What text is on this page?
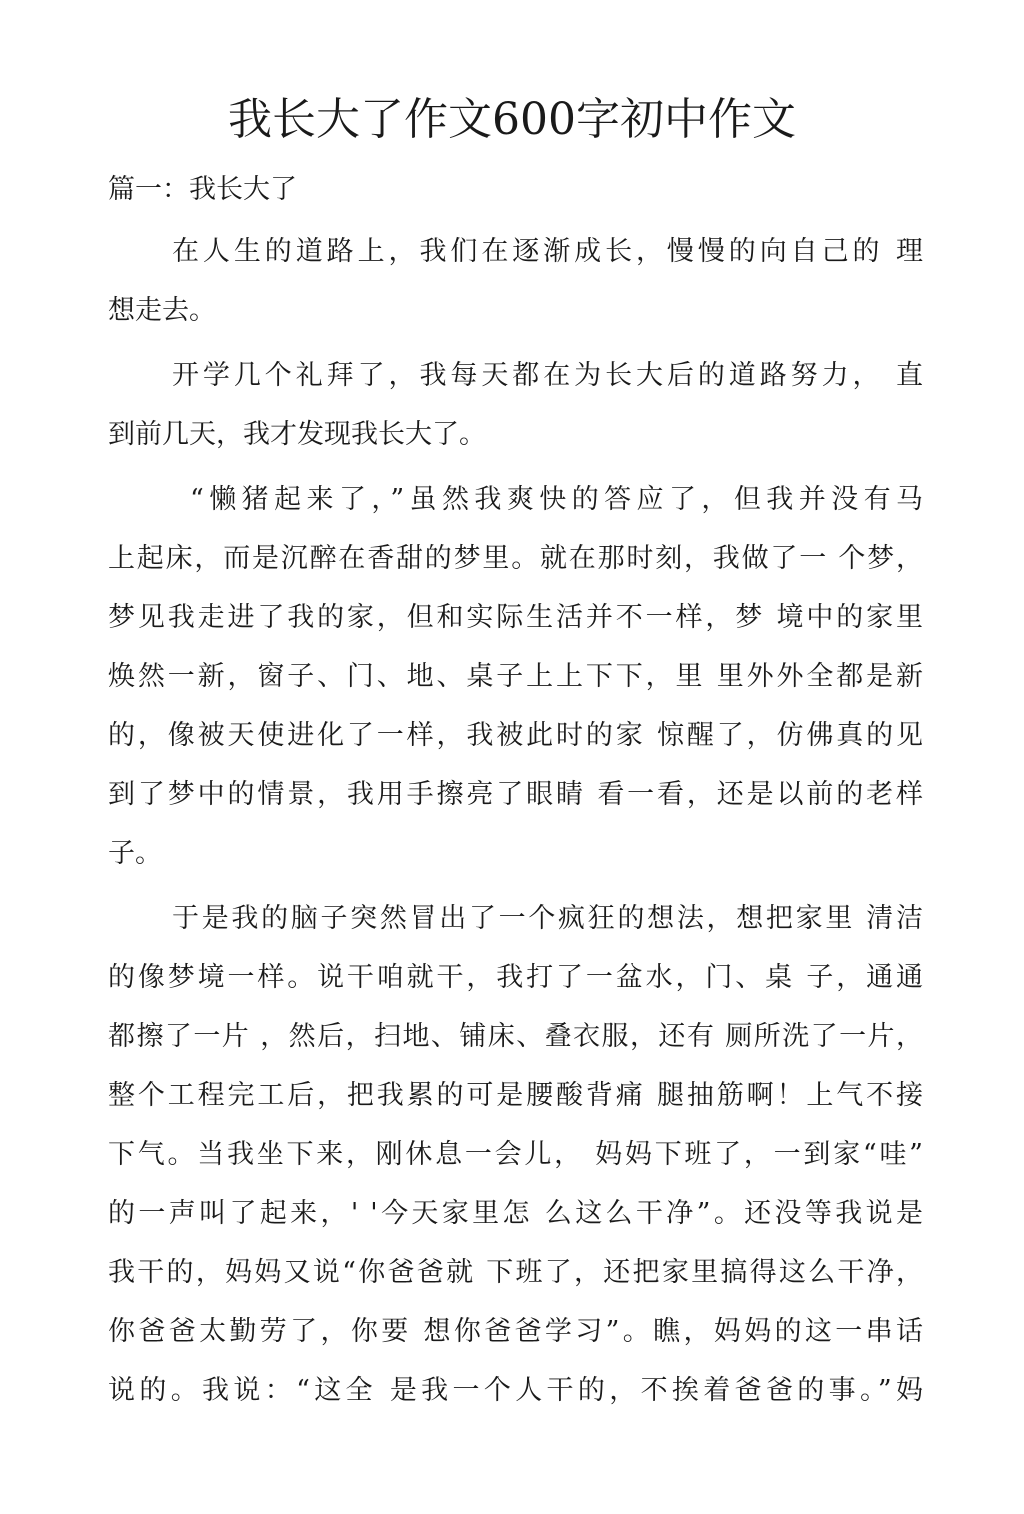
我长大了作文600字初中作文

篇一：我长大了

在人生的道路上，我们在逐渐成长，慢慢的向自己的 理
想走去。
开学几个礼拜了，我每天都在为长大后的道路努力， 直
到前几天，我才发现我长大了。
“懒猪起来了，”虽然我爽快的答应了，但我并没有马
上起床，而是沉醉在香甜的梦里。就在那时刻，我做了一 个梦，
梦见我走进了我的家，但和实际生活并不一样，梦 境中的家里
焕然一新，窗子、门、地、桌子上上下下，里 里外外全都是新
的，像被天使进化了一样，我被此时的家 惊醒了，仿佛真的见
到了梦中的情景，我用手擦亮了眼睛 看一看，还是以前的老样
子。
于是我的脑子突然冒出了一个疯狂的想法，想把家里 清洁
的像梦境一样。说干咱就干，我打了一盆水，门、桌 子，通通
都擦了一片 ，然后，扫地、铺床、叠衣服，还有 厕所洗了一片，
整个工程完工后，把我累的可是腰酸背痛 腿抽筋啊！上气不接
下气。当我坐下来，刚休息一会儿， 妈妈下班了，一到家“哇”
的一声叫了起来，' '今天家里怎 么这么干净”。还没等我说是
我干的，妈妈又说“你爸爸就 下班了，还把家里搞得这么干净，
你爸爸太勤劳了，你要 想你爸爸学习”。瞧，妈妈的这一串话
说的。我说：“这全 是我一个人干的，不挨着爸爸的事。”妈
